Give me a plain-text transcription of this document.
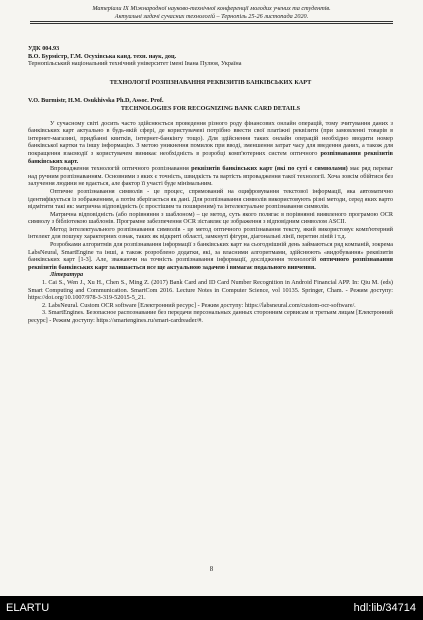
Матеріали ІХ Міжнародної науково-технічної конференції молодих учених та студентів.
Актуальні задачі сучасних технологій – Тернопіль 25-26 листопада 2020.

УДК 004.93

В.О. Бурмістр, Г.М. Осухівська канд. техн. наук, доц.

Тернопільський національний технічний університет імені Івана Пулюя, Україна

ТЕХНОЛОГІЇ РОЗПІЗНАВАННЯ РЕКВІЗИТІВ БАНКІВСЬКИХ КАРТ

V.O. Burmistr, H.M. Osukhivska Ph.D, Assoc. Prof.

TECHNOLOGIES FOR RECOGNIZING BANK CARD DETAILS

У сучасному світі досить часто здійснюється проведення різного роду фінансових онлайн операцій, тому зчитування даних з банківських карт актуально в будь-якій сфері, де користувачеві потрібно ввести свої платіжні реквізити (при замовленні товарів в інтернет-магазині, придбанні квитків, інтернет-банкінгу тощо). Для здійснення таких онлайн операцій необхідно вводити номер банківської картки та іншу інформацію. З метою уникнення помилок при вводі, зменшення затрат часу для введення даних, а також для покращення взаємодії з користувачем виникає необхідність в розробці комп'ютерних систем оптичного розпізнавання реквізитів банківських карт.

Впровадження технологій оптичного розпізнавання реквізитів банківських карт (які по суті є символами) має ряд переваг над ручним розпізнаванням. Основними з яких є точність, швидкість та вартість впровадження такої технології. Хоча зовсім обійтися без залучення людини не вдається, але фактор її участі буде мінімальним.

Оптичне розпізнавання символів - це процес, спрямований на оцифровування текстової інформації, яка автоматично ідентифікується із зображенням, а потім зберігається як дані. Для розпізнавання символів використовують різні методи, серед яких варто відмітити такі як: матрична відповідність (є простішим та поширеним) та інтелектуальне розпізнавання символів.

Матрична відповідність (або порівняння з шаблоном) – це метод, суть якого полягає в порівнянні виявленого програмою OCR символу з бібліотекою шаблонів. Програмне забезпечення OCR зіставляє це зображення з відповідним символом ASCII.

Метод інтелектуального розпізнавання символів - це метод оптичного розпізнавання тексту, який використовує комп'ютерний інтелект для пошуку характерних ознак, таких як відкриті області, замкнуті фігури, діагональні лінії, перетин ліній і т.д.

Розробками алгоритмів для розпізнавання інформації з банківських карт на сьогоднішній день займаються ряд компаній, зокрема LabsNeural, SmartEngine та інші, а також розроблено додатки, які, за власними алгоритмами, здійснюють «видобування» реквізитів банківських карт [1-3]. Але, зважаючи на точність розпізнавання інформації, дослідження технологій оптичного розпізнавання реквізитів банківських карт залишається все ще актуальною задачею і вимагає подального вивчення.

Література

1. Cai S., Wen J., Xu H., Chen S., Ming Z. (2017) Bank Card and ID Card Number Recognition in Android Financial APP. In: Qiu M. (eds) Smart Computing and Communication. SmartCom 2016. Lecture Notes in Computer Science, vol 10135. Springer, Cham. - Режим доступу: https://doi.org/10.1007/978-3-319-52015-5_21.

2. LabsNeural. Custom OCR software [Електронний ресурс] - Режим доступу: https://labsneural.com/custom-ocr-software/.

3. SmartEngines. Безопасное распознавание без передачи персональных данных сторонним сервисам и третьим лицам [Електронний ресурс] - Режим доступу: https://smartengines.ru/smart-cardreader/#.

8
ELARTU	hdl:lib/34714
